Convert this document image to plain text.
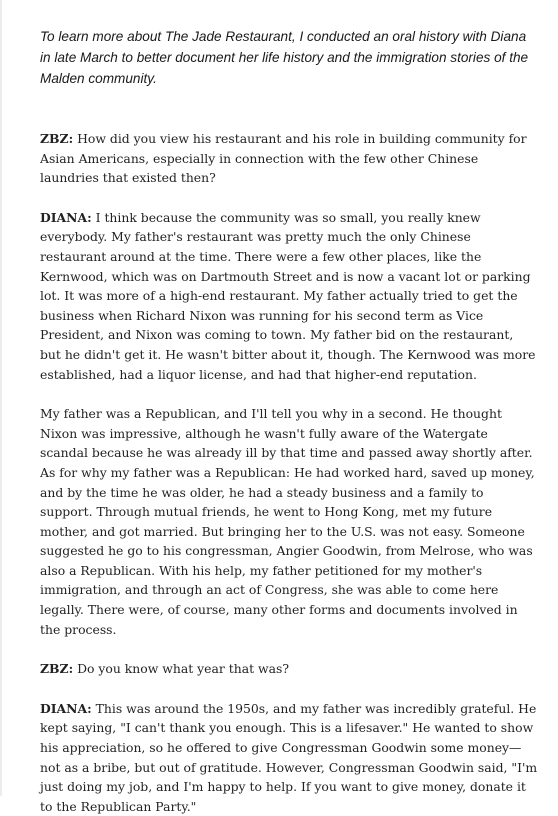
To learn more about The Jade Restaurant, I conducted an oral history with Diana in late March to better document her life history and the immigration stories of the Malden community.

ZBZ: How did you view his restaurant and his role in building community for Asian Americans, especially in connection with the few other Chinese laundries that existed then?

DIANA: I think because the community was so small, you really knew everybody. My father's restaurant was pretty much the only Chinese restaurant around at the time. There were a few other places, like the Kernwood, which was on Dartmouth Street and is now a vacant lot or parking lot. It was more of a high-end restaurant. My father actually tried to get the business when Richard Nixon was running for his second term as Vice President, and Nixon was coming to town. My father bid on the restaurant, but he didn't get it. He wasn't bitter about it, though. The Kernwood was more established, had a liquor license, and had that higher-end reputation.

My father was a Republican, and I'll tell you why in a second. He thought Nixon was impressive, although he wasn't fully aware of the Watergate scandal because he was already ill by that time and passed away shortly after. As for why my father was a Republican: He had worked hard, saved up money, and by the time he was older, he had a steady business and a family to support. Through mutual friends, he went to Hong Kong, met my future mother, and got married. But bringing her to the U.S. was not easy. Someone suggested he go to his congressman, Angier Goodwin, from Melrose, who was also a Republican. With his help, my father petitioned for my mother's immigration, and through an act of Congress, she was able to come here legally. There were, of course, many other forms and documents involved in the process.

ZBZ: Do you know what year that was?

DIANA: This was around the 1950s, and my father was incredibly grateful. He kept saying, "I can't thank you enough. This is a lifesaver." He wanted to show his appreciation, so he offered to give Congressman Goodwin some money—not as a bribe, but out of gratitude. However, Congressman Goodwin said, "I'm just doing my job, and I'm happy to help. If you want to give money, donate it to the Republican Party."
